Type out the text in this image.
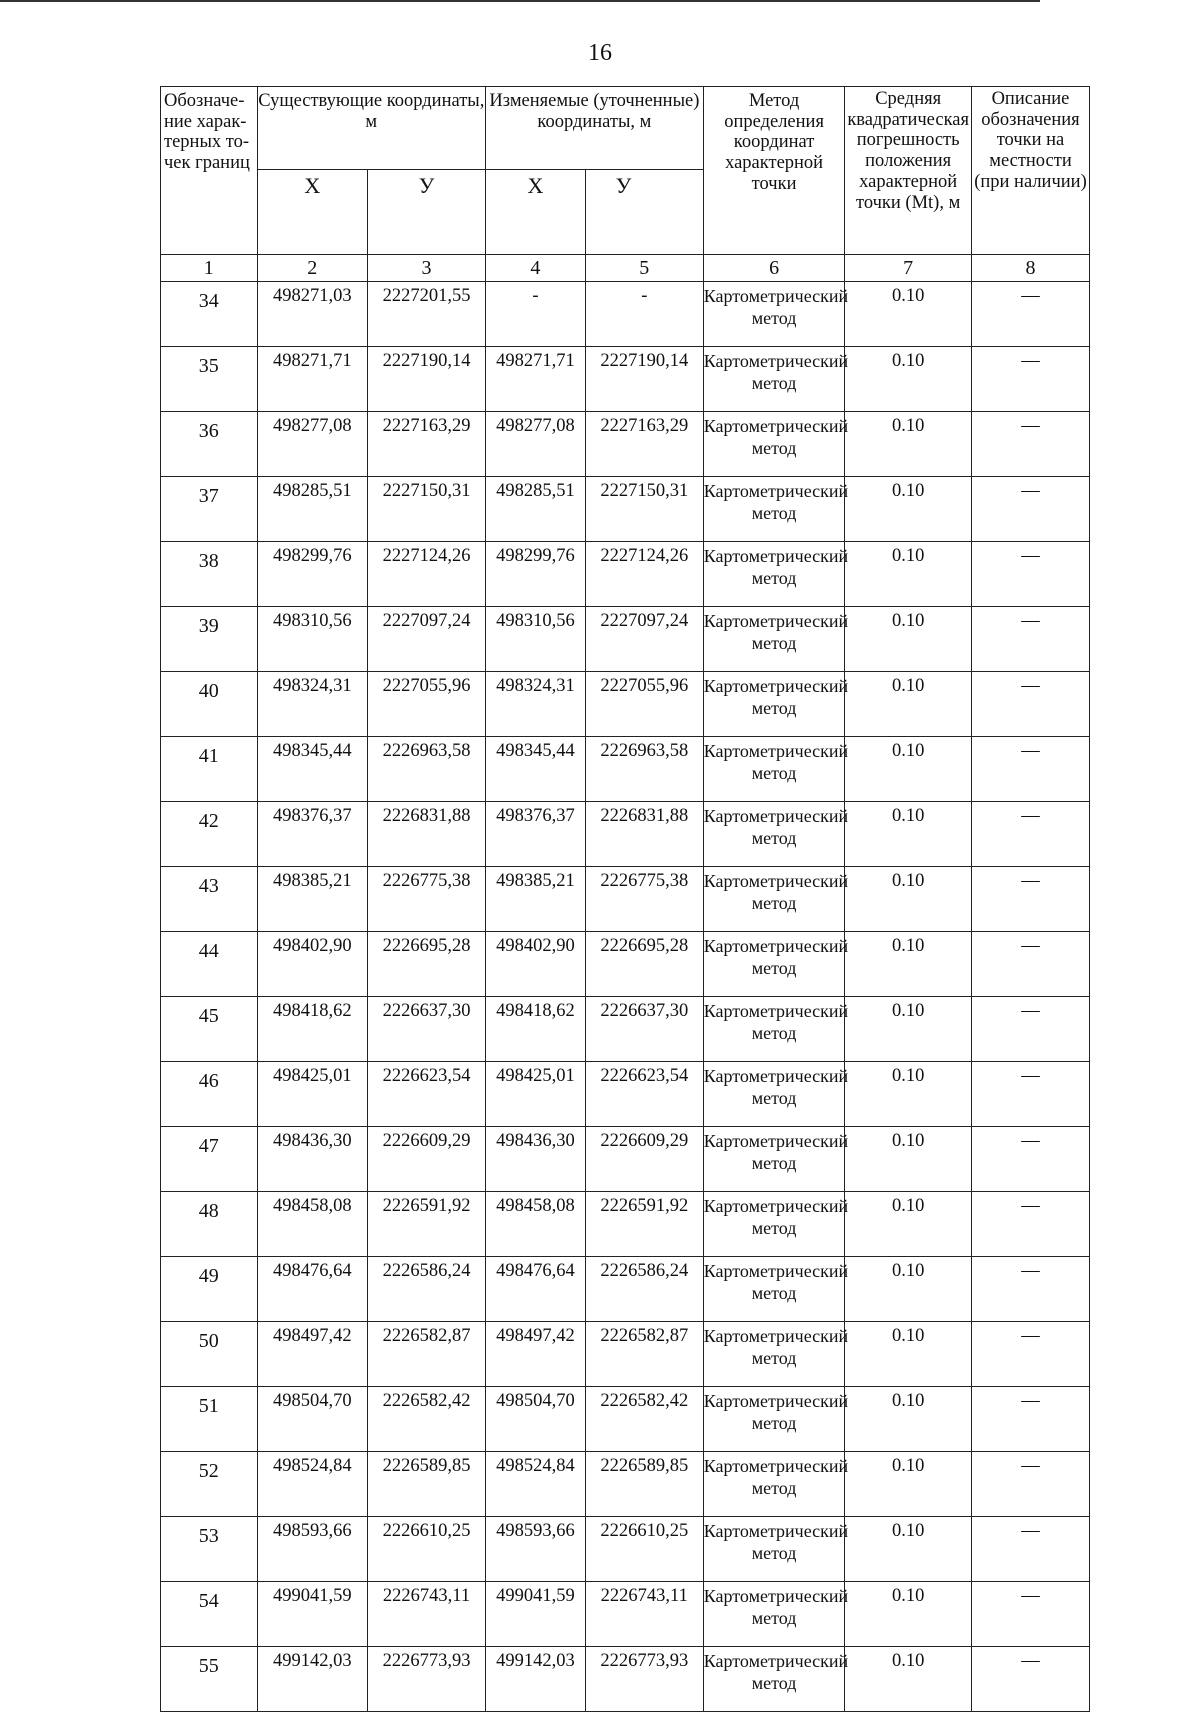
16
Обозначе-ние харак-терных то-чек границ	Существующие координаты, м		Изменяемые (уточненные) координаты, м		Метод определения координат характерной точки	Средняя квадратическая погрешность положения характерной точки (Mt), м	Описание обозначения точки на местности (при наличии)
	X	У	X	У			
1	2	3	4	5	6	7	8
34	498271,03	2227201,55	-	-	Картометрический метод	0.10	—
35	498271,71	2227190,14	498271,71	2227190,14	Картометрический метод	0.10	—
36	498277,08	2227163,29	498277,08	2227163,29	Картометрический метод	0.10	—
37	498285,51	2227150,31	498285,51	2227150,31	Картометрический метод	0.10	—
38	498299,76	2227124,26	498299,76	2227124,26	Картометрический метод	0.10	—
39	498310,56	2227097,24	498310,56	2227097,24	Картометрический метод	0.10	—
40	498324,31	2227055,96	498324,31	2227055,96	Картометрический метод	0.10	—
41	498345,44	2226963,58	498345,44	2226963,58	Картометрический метод	0.10	—
42	498376,37	2226831,88	498376,37	2226831,88	Картометрический метод	0.10	—
43	498385,21	2226775,38	498385,21	2226775,38	Картометрический метод	0.10	—
44	498402,90	2226695,28	498402,90	2226695,28	Картометрический метод	0.10	—
45	498418,62	2226637,30	498418,62	2226637,30	Картометрический метод	0.10	—
46	498425,01	2226623,54	498425,01	2226623,54	Картометрический метод	0.10	—
47	498436,30	2226609,29	498436,30	2226609,29	Картометрический метод	0.10	—
48	498458,08	2226591,92	498458,08	2226591,92	Картометрический метод	0.10	—
49	498476,64	2226586,24	498476,64	2226586,24	Картометрический метод	0.10	—
50	498497,42	2226582,87	498497,42	2226582,87	Картометрический метод	0.10	—
51	498504,70	2226582,42	498504,70	2226582,42	Картометрический метод	0.10	—
52	498524,84	2226589,85	498524,84	2226589,85	Картометрический метод	0.10	—
53	498593,66	2226610,25	498593,66	2226610,25	Картометрический метод	0.10	—
54	499041,59	2226743,11	499041,59	2226743,11	Картометрический метод	0.10	—
55	499142,03	2226773,93	499142,03	2226773,93	Картометрический метод	0.10	—
